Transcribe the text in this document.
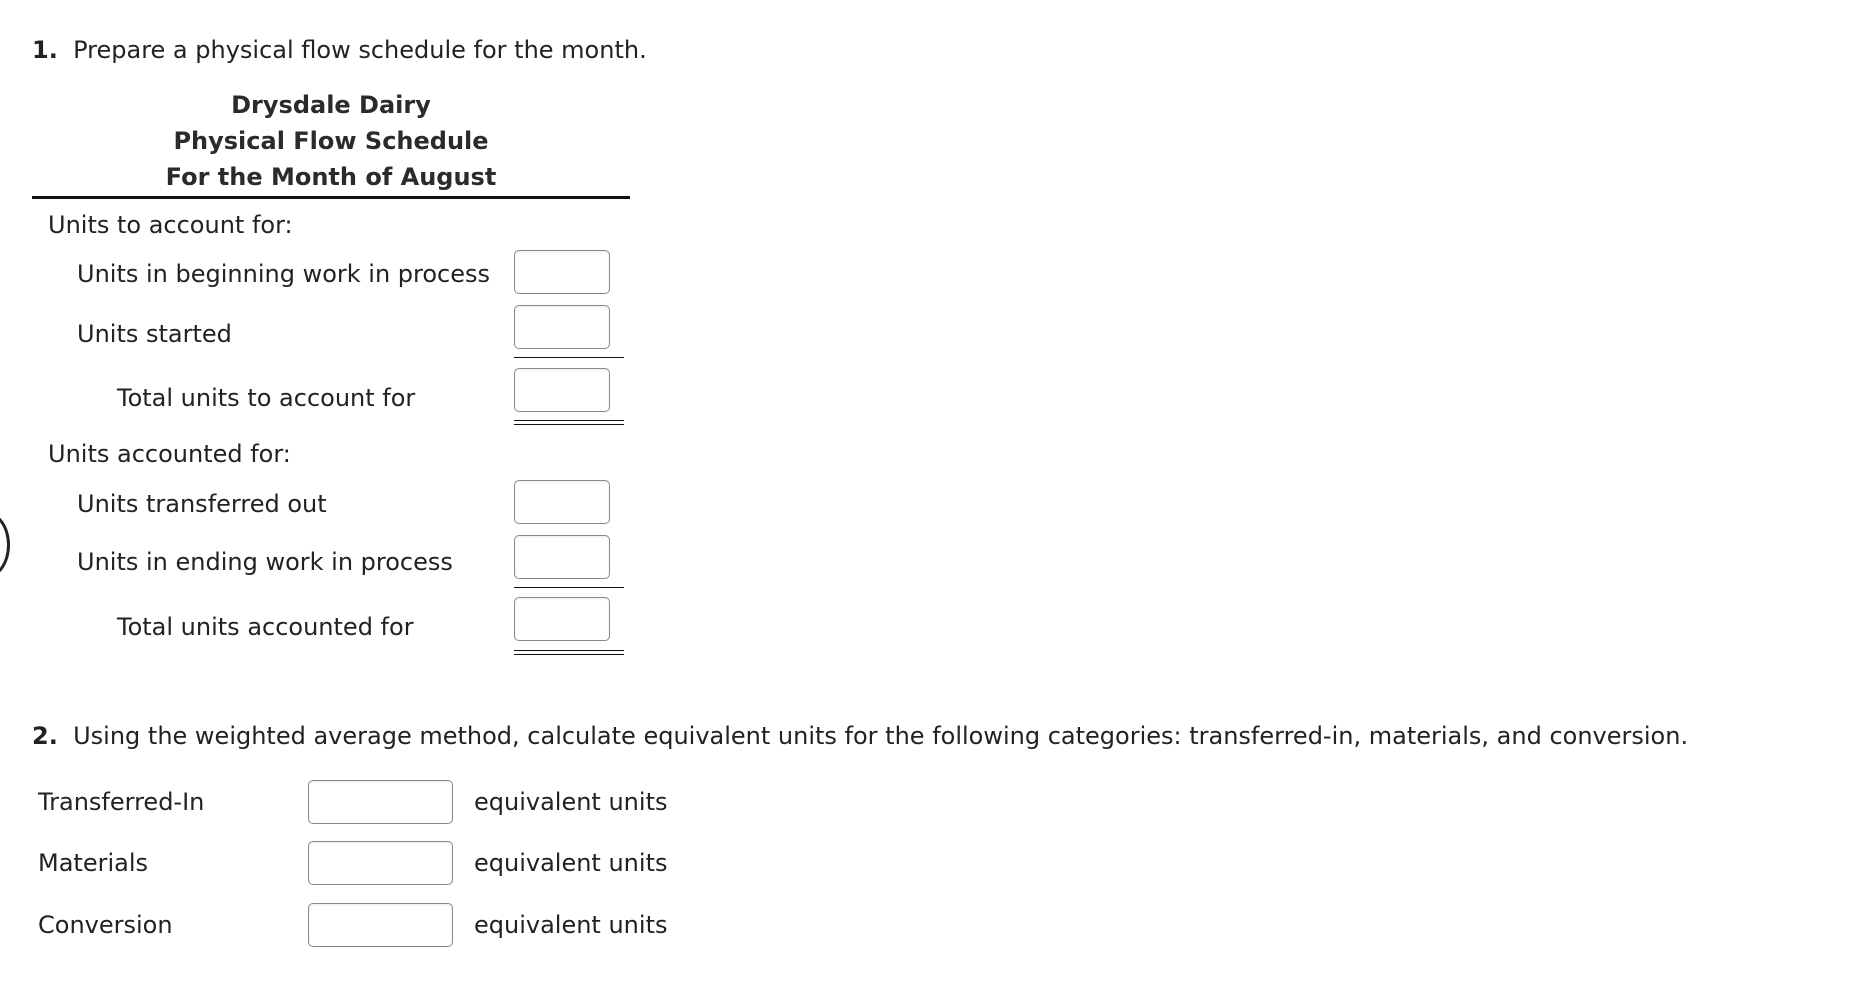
1. Prepare a physical flow schedule for the month.
Drysdale Dairy
Physical Flow Schedule
For the Month of August
Units to account for:
Units in beginning work in process
Units started
Total units to account for
Units accounted for:
Units transferred out
Units in ending work in process
Total units accounted for
2. Using the weighted average method, calculate equivalent units for the following categories: transferred-in, materials, and conversion.
Transferred-In	equivalent units
Materials	equivalent units
Conversion	equivalent units
